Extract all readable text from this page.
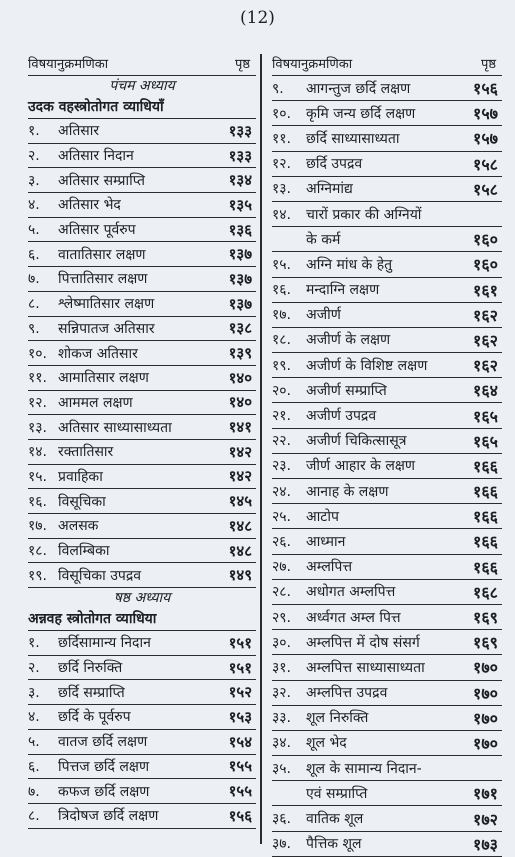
(12)
विषयानुक्रमणिका	पृष्ठ
पंचम अध्याय
उदक वहस्त्रोतोगत व्याधियाँ
१.	अतिसार	१३३
२.	अतिसार निदान	१३३
३.	अतिसार सम्प्राप्ति	१३४
४.	अतिसार भेद	१३५
५.	अतिसार पूर्वरुप	१३६
६.	वातातिसार लक्षण	१३७
७.	पित्तातिसार लक्षण	१३७
८.	श्लेष्मातिसार लक्षण	१३७
९.	सन्निपातज अतिसार	१३८
१०. शोकज अतिसार	१३९
११. आमातिसार लक्षण	१४०
१२. आममल लक्षण	१४०
१३. अतिसार साध्यासाध्यता	१४१
१४. रक्तातिसार	१४२
१५. प्रवाहिका	१४२
१६. विसूचिका	१४५
१७. अलसक	१४८
१८. विलम्बिका	१४८
१९. विसूचिका उपद्रव	१४९
षष्ठ अध्याय
अन्नवह स्त्रोतोगत व्याधिया
१.	छर्दिसामान्य निदान	१५१
२.	छर्दि निरुक्ति	१५१
३.	छर्दि सम्प्राप्ति	१५२
४.	छर्दि के पूर्वरुप	१५३
५.	वातज छर्दि लक्षण	१५४
६.	पित्तज छर्दि लक्षण	१५५
७.	कफज छर्दि लक्षण	१५५
८.	त्रिदोषज छर्दि लक्षण	१५६
विषयानुक्रमणिका	पृष्ठ
९.	आगन्तुज छर्दि लक्षण	१५६
१०.	कृमि जन्य छर्दि लक्षण	१५७
११.	छर्दि साध्यासाध्यता	१५७
१२.	छर्दि उपद्रव	१५८
१३.	अग्निमांद्य	१५८
१४.	चारों प्रकार की अग्नियों
के कर्म	१६०
१५.	अग्नि मांध के हेतु	१६०
१६.	मन्दाग्नि लक्षण	१६१
१७.	अजीर्ण	१६२
१८.	अजीर्ण के लक्षण	१६२
१९.	अजीर्ण के विशिष्ट लक्षण	१६२
२०.	अजीर्ण सम्प्राप्ति	१६४
२१.	अजीर्ण उपद्रव	१६५
२२.	अजीर्ण चिकित्सासूत्र	१६५
२३.	जीर्ण आहार के लक्षण	१६६
२४.	आनाह के लक्षण	१६६
२५.	आटोप	१६६
२६.	आध्मान	१६६
२७.	अम्लपित्त	१६६
२८.	अधोगत अम्लपित्त	१६८
२९.	अर्ध्वगत अम्ल पित्त	१६९
३०.	अम्लपित्त में दोष संसर्ग	१६९
३१.	अम्लपित्त साध्यासाध्यता	१७०
३२.	अम्लपित्त उपद्रव	१७०
३३.	शूल निरुक्ति	१७०
३४.	शूल भेद	१७०
३५.	शूल के सामान्य निदान-
एवं सम्प्राप्ति	१७१
३६.	वातिक शूल	१७२
३७.	पैत्तिक शूल	१७३
